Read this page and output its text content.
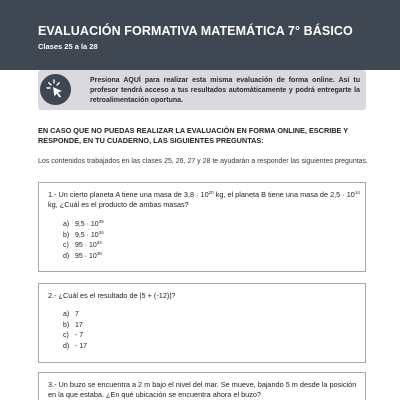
EVALUACIÓN FORMATIVA MATEMÁTICA 7° BÁSICO
Clases 25 a la 28
Presiona AQUÍ para realizar esta misma evaluación de forma online. Así tu profesor tendrá acceso a tus resultados automáticamente y podrá entregarte la retroalimentación oportuna.
EN CASO QUE NO PUEDAS REALIZAR LA EVALUACIÓN EN FORMA ONLINE, ESCRIBE Y RESPONDE, EN TU CUADERNO, LAS SIGUIENTES PREGUNTAS:
Los contenidos trabajados en las clases 25, 26, 27 y 28 te ayudarán a responder las siguientes preguntas.
1.- Un cierto planeta A tiene una masa de $3,8 \cdot 10^{20}$ kg, el planeta B tiene una masa de $2,5 \cdot 10^{14}$ kg, ¿Cuál es el producto de ambas masas?
a) $9,5 \cdot 10^{35}$
b) $9,5 \cdot 10^{34}$
c) $95 \cdot 10^{34}$
d) $95 \cdot 10^{35}$
2.- ¿Cuál es el resultado de |5 + (-12)|?
a) 7
b) 17
c) - 7
d) - 17
3.- Un buzo se encuentra a 2 m bajo el nivel del mar. Se mueve, bajando 5 m desde la posición en la que estaba. ¿En qué ubicación se encuentra ahora el buzo?
